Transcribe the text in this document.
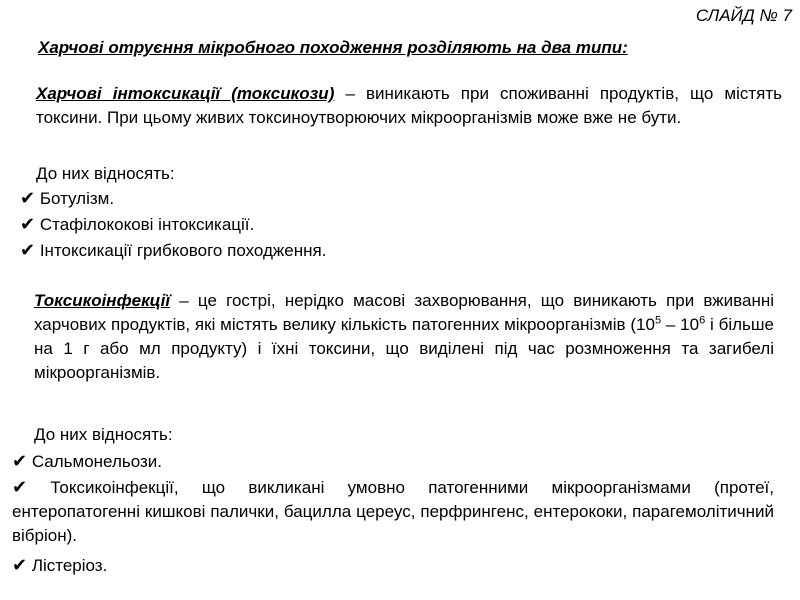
СЛАЙД № 7
Харчові отруєння мікробного походження розділяють на два типи:
Харчові інтоксикації (токсикози) – виникають при споживанні продуктів, що містять токсини. При цьому живих токсиноутворюючих мікроорганізмів може вже не бути.
До них відносять:
✔ Ботулізм.
✔ Стафілококові інтоксикації.
✔ Інтоксикації грибкового походження.
Токсикоінфекції – це гострі, нерідко масові захворювання, що виникають при вживанні харчових продуктів, які містять велику кількість патогенних мікроорганізмів ($10^5 - 10^6$ і більше на 1 г або мл продукту) і їхні токсини, що виділені під час розмноження та загибелі мікроорганізмів.
До них відносять:
✔ Сальмонельози.
✔ Токсикоінфекції, що викликані умовно патогенними мікроорганізмами (протеї, ентеропатогенні кишкові палички, бацилла цереус, перфрингенс, ентерококи, парагемолітичний вібріон).
✔ Лістеріоз.
